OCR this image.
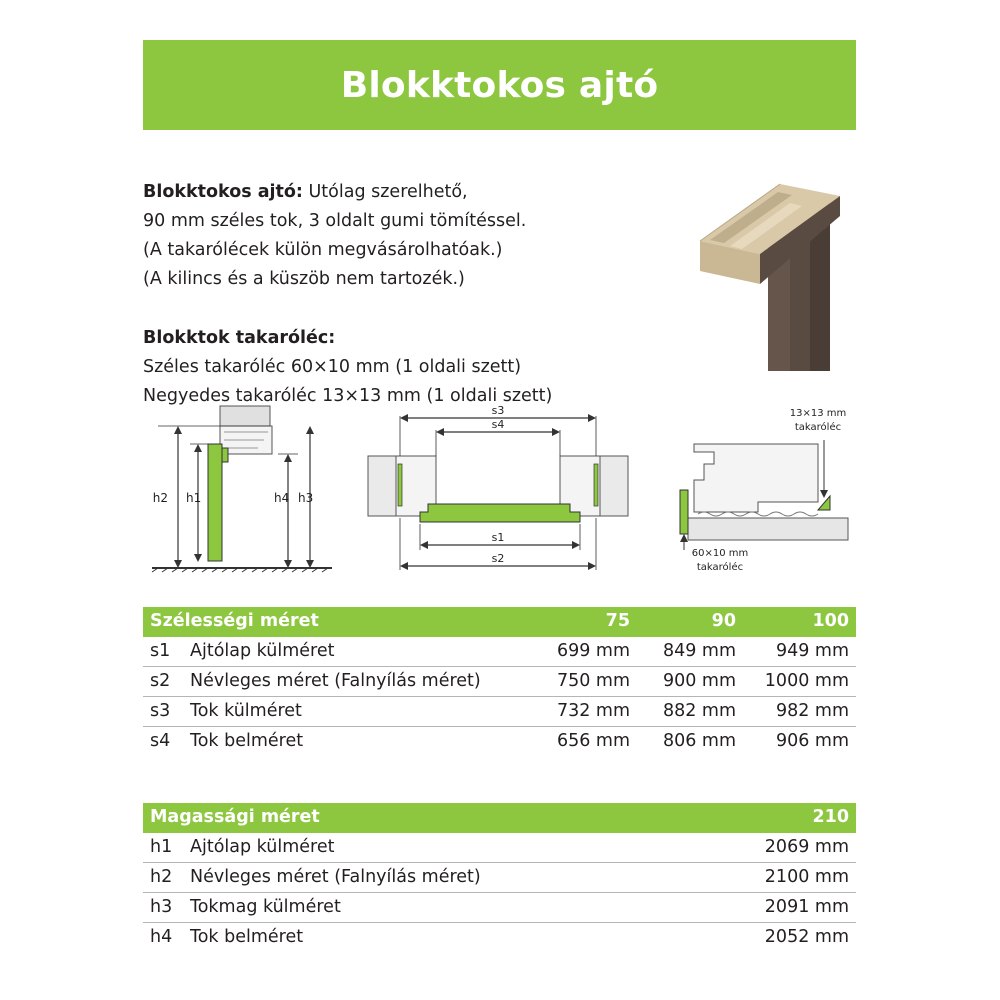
Blokktokos ajtó
Blokktokos ajtó: Utólag szerelhető,
90 mm széles tok, 3 oldalt gumi tömítéssel.
(A takarólécek külön megvásárolhatóak.)
(A kilincs és a küszöb nem tartozék.)
Blokktok takaróléc:
Széles takaróléc 60×10 mm (1 oldali szett)
Negyedes takaróléc 13×13 mm (1 oldali szett)
h2 h1	h4 h3
s3
s4
s1
s2
13×13 mm
takaróléc
60×10 mm
takaróléc
Szélességi méret	75	90	100
s1 Ajtólap külméret	699 mm 849 mm 949 mm
s2 Névleges méret (Falnyílás méret)	750 mm 900 mm 1000 mm
s3 Tok külméret	732 mm 882 mm 982 mm
s4 Tok belméret	656 mm 806 mm 906 mm
Magassági méret	210
h1 Ajtólap külméret	2069 mm
h2 Névleges méret (Falnyílás méret)	2100 mm
h3 Tokmag külméret	2091 mm
h4 Tok belméret	2052 mm
